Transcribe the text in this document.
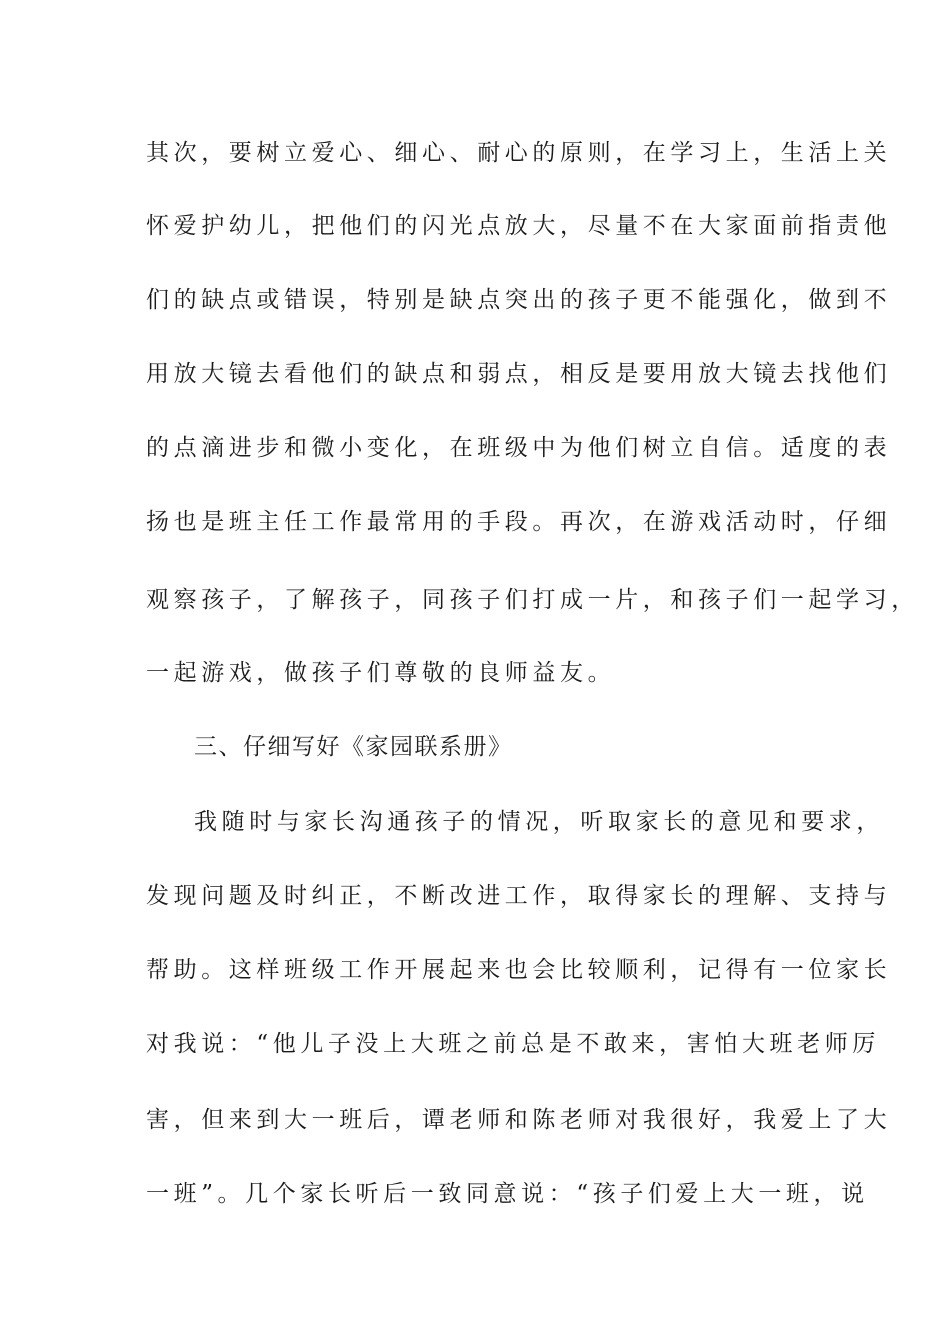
其次，要树立爱心、细心、耐心的原则，在学习上，生活上关
怀爱护幼儿，把他们的闪光点放大，尽量不在大家面前指责他
们的缺点或错误，特别是缺点突出的孩子更不能强化，做到不
用放大镜去看他们的缺点和弱点，相反是要用放大镜去找他们
的点滴进步和微小变化，在班级中为他们树立自信。适度的表
扬也是班主任工作最常用的手段。再次，在游戏活动时，仔细
观察孩子，了解孩子，同孩子们打成一片，和孩子们一起学习，
一起游戏，做孩子们尊敬的良师益友。
三、仔细写好《家园联系册》
我随时与家长沟通孩子的情况，听取家长的意见和要求，
发现问题及时纠正，不断改进工作，取得家长的理解、支持与
帮助。这样班级工作开展起来也会比较顺利，记得有一位家长
对我说：“他儿子没上大班之前总是不敢来，害怕大班老师厉
害，但来到大一班后，谭老师和陈老师对我很好，我爱上了大
一班”。几个家长听后一致同意说：“孩子们爱上大一班，说
